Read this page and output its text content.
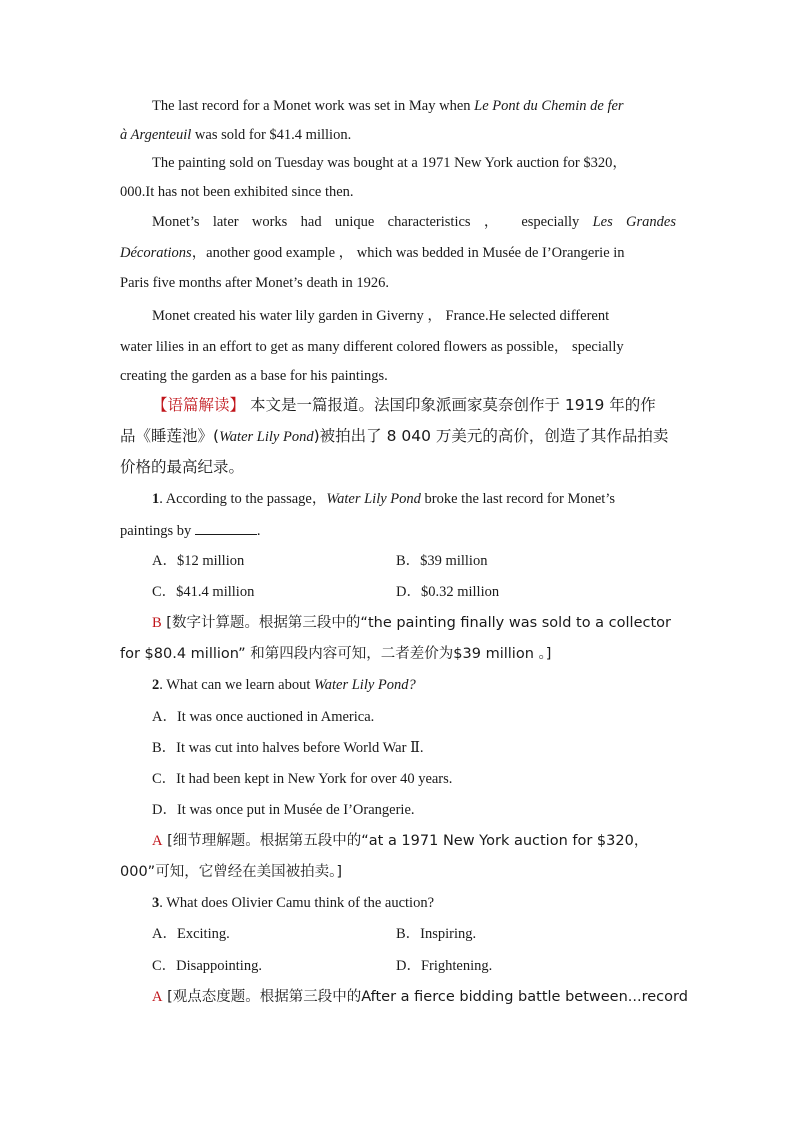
The last record for a Monet work was set in May when Le Pont du Chemin de fer
à Argenteuil was sold for $41.4 million.
The painting sold on Tuesday was bought at a 1971 New York auction for $320，
000.It has not been exhibited since then.
Monet’s later works had unique characteristics ， especially Les Grandes
Décorations，another good example ， which was bedded in Musée de I’Orangerie in
Paris five months after Monet’s death in 1926.
Monet created his water lily garden in Giverny ， France.He selected different
water lilies in an effort to get as many different colored flowers as possible， specially
creating the garden as a base for his paintings.
【语篇解读】 本文是一篇报道。法国印象派画家莫奈创作于 1919 年的作
品《睡莲池》(Water Lily Pond)被拍出了 8 040 万美元的高价，创造了其作品拍卖
价格的最高纪录。
1. According to the passage，Water Lily Pond broke the last record for Monet’s
paintings by	.
A．$12 million	B．$39 million
C．$41.4 million	D．$0.32 million
B [数字计算题。根据第三段中的“the painting finally was sold to a collector
for $80.4 million” 和第四段内容可知，二者差价为$39 million 。]
2. What can we learn about Water Lily Pond?
A．It was once auctioned in America.
B．It was cut into halves before World War Ⅱ.
C．It had been kept in New York for over 40 years.
D．It was once put in Musée de I’Orangerie.
A [细节理解题。根据第五段中的“at a 1971 New York auction for $320，
000”可知，它曾经在美国被拍卖。]
3. What does Olivier Camu think of the auction?
A．Exciting.	B．Inspiring.
C．Disappointing.	D．Frightening.
A [观点态度题。根据第三段中的After a fierce bidding battle between...record
